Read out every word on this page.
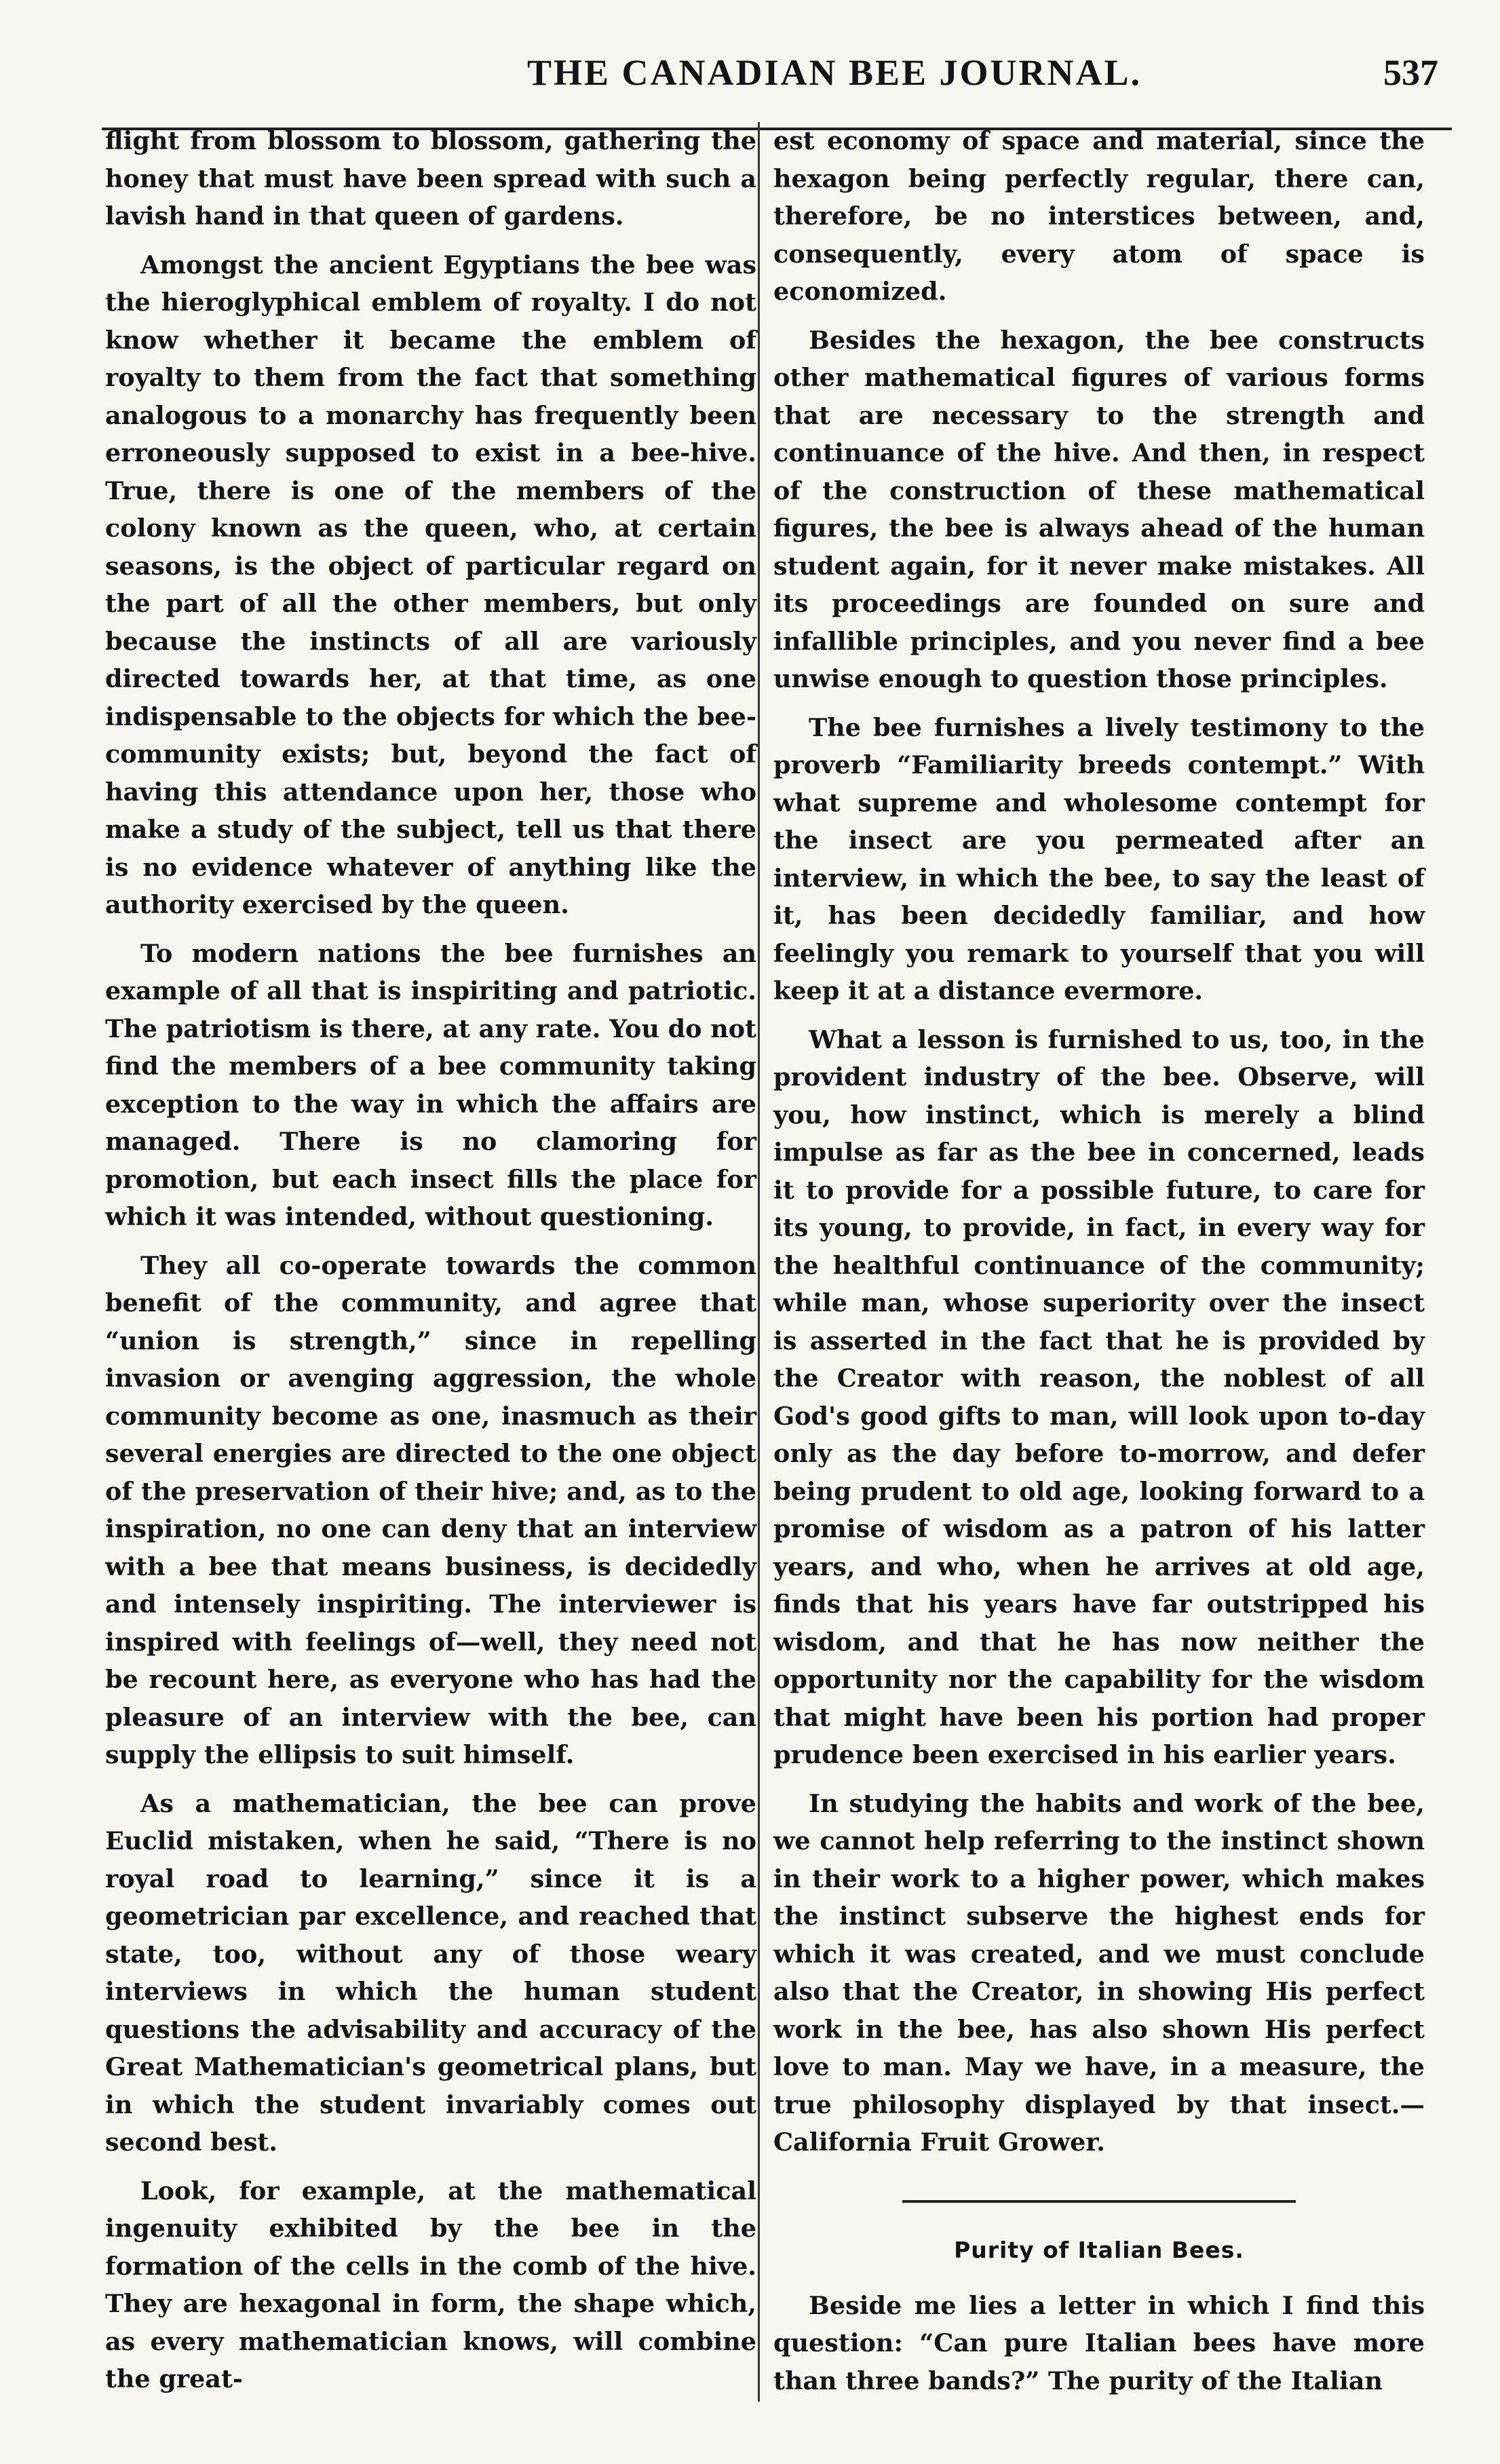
THE CANADIAN BEE JOURNAL.	537

flight from blossom to blossom, gathering the honey that must have been spread with such a lavish hand in that queen of gardens.

Amongst the ancient Egyptians the bee was the hieroglyphical emblem of royalty. I do not know whether it became the emblem of royalty to them from the fact that something analogous to a monarchy has frequently been erroneously supposed to exist in a bee-hive. True, there is one of the members of the colony known as the queen, who, at certain seasons, is the object of particular regard on the part of all the other members, but only because the instincts of all are variously directed towards her, at that time, as one indispensable to the objects for which the bee-community exists; but, beyond the fact of having this attendance upon her, those who make a study of the subject, tell us that there is no evidence whatever of anything like the authority exercised by the queen.

To modern nations the bee furnishes an example of all that is inspiriting and patriotic. The patriotism is there, at any rate. You do not find the members of a bee community taking exception to the way in which the affairs are managed. There is no clamoring for promotion, but each insect fills the place for which it was intended, without questioning.

They all co-operate towards the common benefit of the community, and agree that “union is strength,” since in repelling invasion or avenging aggression, the whole community become as one, inasmuch as their several energies are directed to the one object of the preservation of their hive; and, as to the inspiration, no one can deny that an interview with a bee that means business, is decidedly and intensely inspiriting. The interviewer is inspired with feelings of—well, they need not be recount here, as everyone who has had the pleasure of an interview with the bee, can supply the ellipsis to suit himself.

As a mathematician, the bee can prove Euclid mistaken, when he said, “There is no royal road to learning,” since it is a geometrician par excellence, and reached that state, too, without any of those weary interviews in which the human student questions the advisability and accuracy of the Great Mathematician's geometrical plans, but in which the student invariably comes out second best.

Look, for example, at the mathematical ingenuity exhibited by the bee in the formation of the cells in the comb of the hive. They are hexagonal in form, the shape which, as every mathematician knows, will combine the great-

est economy of space and material, since the hexagon being perfectly regular, there can, therefore, be no interstices between, and, consequently, every atom of space is economized.

Besides the hexagon, the bee constructs other mathematical figures of various forms that are necessary to the strength and continuance of the hive. And then, in respect of the construction of these mathematical figures, the bee is always ahead of the human student again, for it never make mistakes. All its proceedings are founded on sure and infallible principles, and you never find a bee unwise enough to question those principles.

The bee furnishes a lively testimony to the proverb “Familiarity breeds contempt.” With what supreme and wholesome contempt for the insect are you permeated after an interview, in which the bee, to say the least of it, has been decidedly familiar, and how feelingly you remark to yourself that you will keep it at a distance evermore.

What a lesson is furnished to us, too, in the provident industry of the bee. Observe, will you, how instinct, which is merely a blind impulse as far as the bee in concerned, leads it to provide for a possible future, to care for its young, to provide, in fact, in every way for the healthful continuance of the community; while man, whose superiority over the insect is asserted in the fact that he is provided by the Creator with reason, the noblest of all God's good gifts to man, will look upon to-day only as the day before to-morrow, and defer being prudent to old age, looking forward to a promise of wisdom as a patron of his latter years, and who, when he arrives at old age, finds that his years have far outstripped his wisdom, and that he has now neither the opportunity nor the capability for the wisdom that might have been his portion had proper prudence been exercised in his earlier years.

In studying the habits and work of the bee, we cannot help referring to the instinct shown in their work to a higher power, which makes the instinct subserve the highest ends for which it was created, and we must conclude also that the Creator, in showing His perfect work in the bee, has also shown His perfect love to man. May we have, in a measure, the true philosophy displayed by that insect.—California Fruit Grower.

Purity of Italian Bees.

Beside me lies a letter in which I find this question: “Can pure Italian bees have more than three bands?” The purity of the Italian
